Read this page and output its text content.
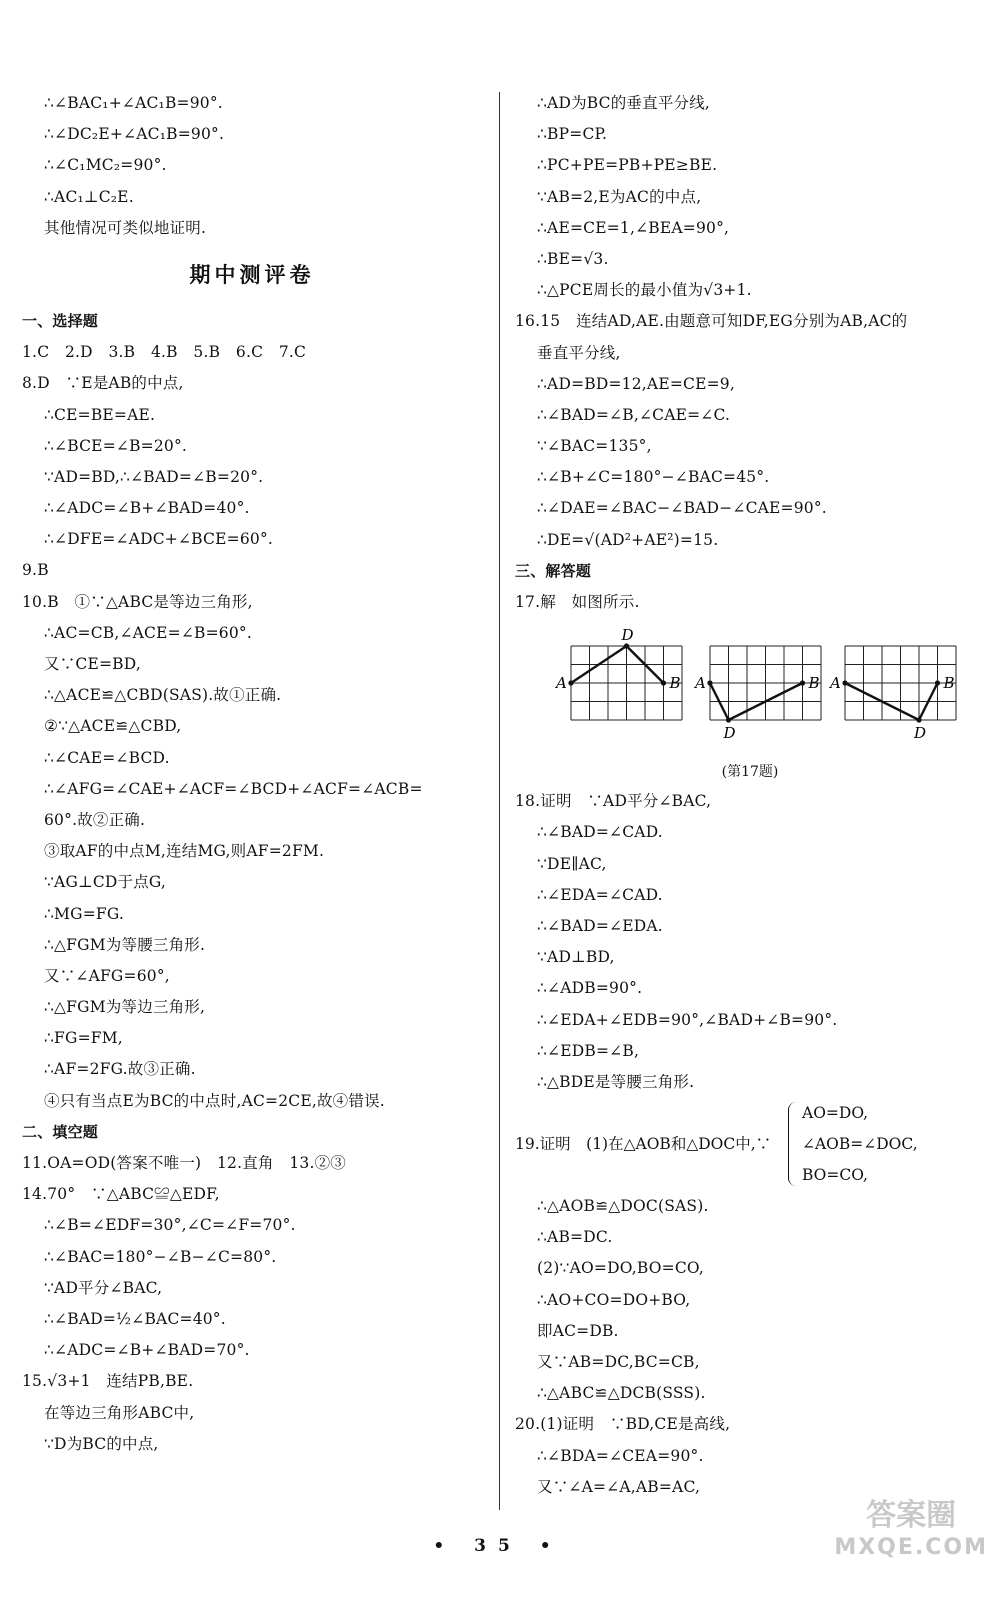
∴∠BAC₁+∠AC₁B=90°.
∴∠DC₂E+∠AC₁B=90°.
∴∠C₁MC₂=90°.
∴AC₁⊥C₂E.
其他情况可类似地证明.
期中测评卷
一、选择题
1.C　2.D　3.B　4.B　5.B　6.C　7.C
8.D　∵E是AB的中点,
∴CE=BE=AE.
∴∠BCE=∠B=20°.
∵AD=BD,∴∠BAD=∠B=20°.
∴∠ADC=∠B+∠BAD=40°.
∴∠DFE=∠ADC+∠BCE=60°.
9.B
10.B　①∵△ABC是等边三角形,
∴AC=CB,∠ACE=∠B=60°.
又∵CE=BD,
∴△ACE≌△CBD(SAS).故①正确.
②∵△ACE≌△CBD,
∴∠CAE=∠BCD.
∴∠AFG=∠CAE+∠ACF=∠BCD+∠ACF=∠ACB=
60°.故②正确.
③取AF的中点M,连结MG,则AF=2FM.
∵AG⊥CD于点G,
∴MG=FG.
∴△FGM为等腰三角形.
又∵∠AFG=60°,
∴△FGM为等边三角形,
∴FG=FM,
∴AF=2FG.故③正确.
④只有当点E为BC的中点时,AC=2CE,故④错误.
二、填空题
11.OA=OD(答案不唯一)　12.直角　13.②③
14.70°　∵△ABC≌△EDF,
∴∠B=∠EDF=30°,∠C=∠F=70°.
∴∠BAC=180°−∠B−∠C=80°.
∵AD平分∠BAC,
∴∠BAD=½∠BAC=40°.
∴∠ADC=∠B+∠BAD=70°.
15.√3+1　连结PB,BE.
在等边三角形ABC中,
∵D为BC的中点,
∴AD为BC的垂直平分线,
∴BP=CP.
∴PC+PE=PB+PE≥BE.
∵AB=2,E为AC的中点,
∴AE=CE=1,∠BEA=90°,
∴BE=√3.
∴△PCE周长的最小值为√3+1.
16.15　连结AD,AE.由题意可知DF,EG分别为AB,AC的
垂直平分线,
∴AD=BD=12,AE=CE=9,
∴∠BAD=∠B,∠CAE=∠C.
∵∠BAC=135°,
∴∠B+∠C=180°−∠BAC=45°.
∴∠DAE=∠BAC−∠BAD−∠CAE=90°.
∴DE=√(AD²+AE²)=15.
三、解答题
17.解　如图所示.
A	B
D
A	B
D
A	B
D
(第17题)
18.证明　∵AD平分∠BAC,
∴∠BAD=∠CAD.
∵DE∥AC,
∴∠EDA=∠CAD.
∴∠BAD=∠EDA.
∵AD⊥BD,
∴∠ADB=90°.
∴∠EDA+∠EDB=90°,∠BAD+∠B=90°.
∴∠EDB=∠B,
∴△BDE是等腰三角形.
19.证明　(1)在△AOB和△DOC中,∵
AO=DO,
∠AOB=∠DOC,
BO=CO,
∴△AOB≌△DOC(SAS).
∴AB=DC.
(2)∵AO=DO,BO=CO,
∴AO+CO=DO+BO,
即AC=DB.
又∵AB=DC,BC=CB,
∴△ABC≌△DCB(SSS).
20.(1)证明　∵BD,CE是高线,
∴∠BDA=∠CEA=90°.
又∵∠A=∠A,AB=AC,
• 35 •
答案圈
MXQE.COM
